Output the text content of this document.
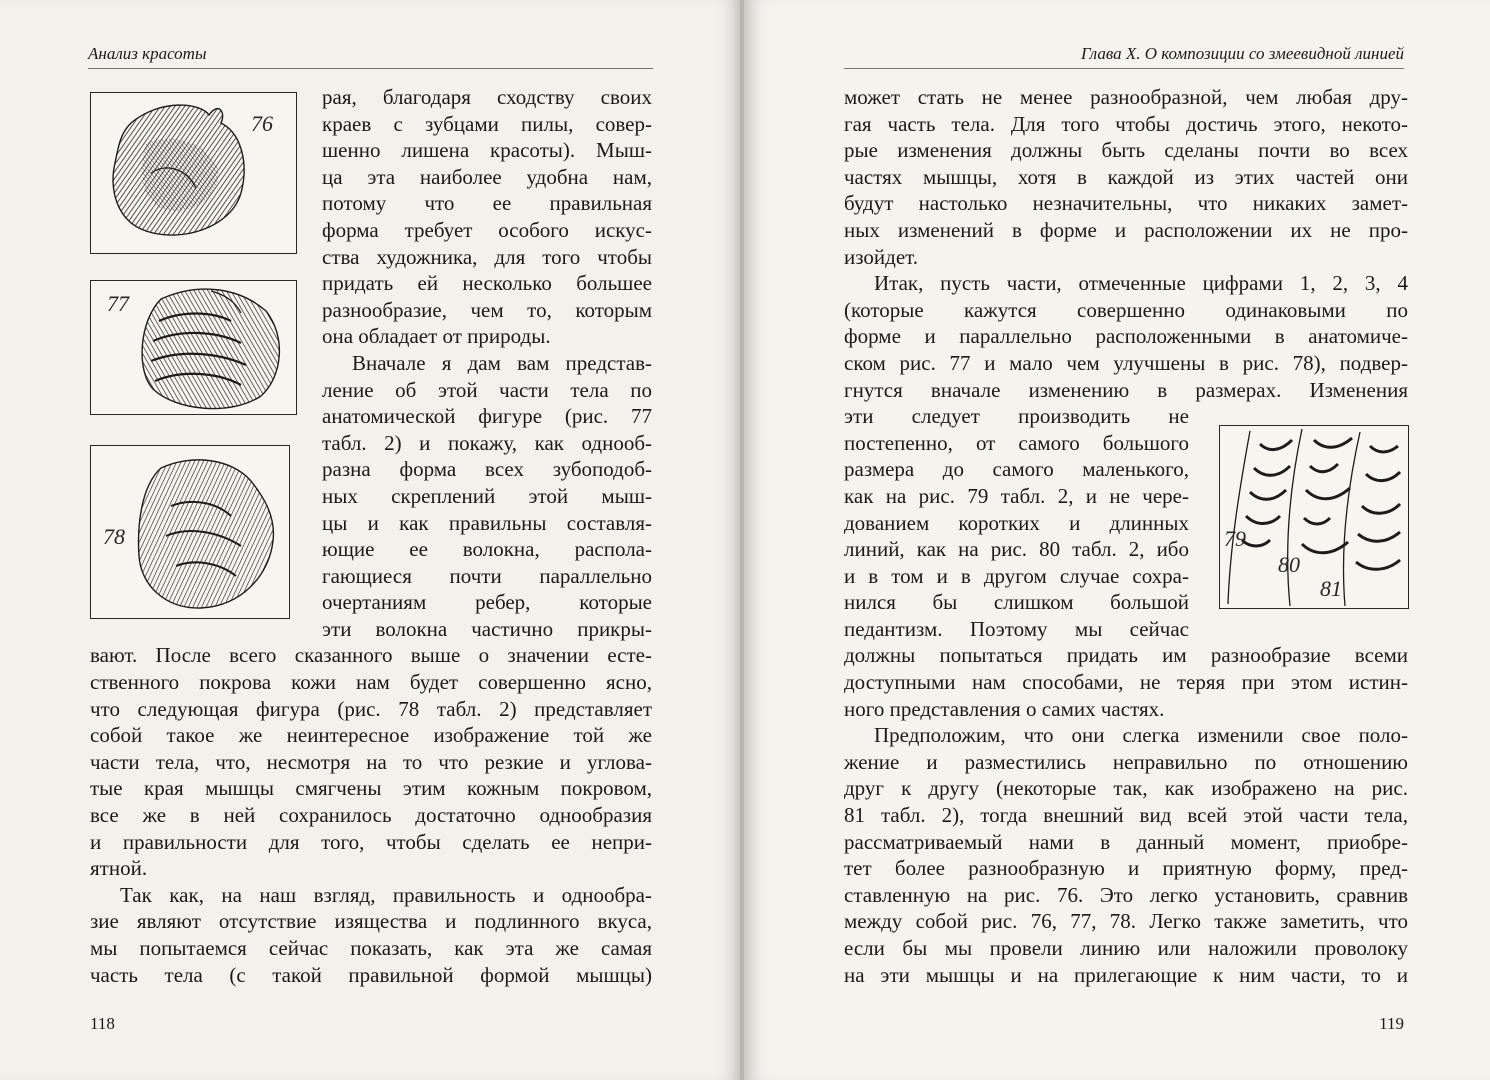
Анализ красоты
76
77
78
рая, благодаря сходству своих
краев с зубцами пилы, совер-
шенно лишена красоты). Мыш-
ца эта наиболее удобна нам,
потому что ее правильная
форма требует особого искус-
ства художника, для того чтобы
придать ей несколько большее
разнообразие, чем то, которым
она обладает от природы.
Вначале я дам вам представ-
ление об этой части тела по
анатомической фигуре (рис. 77
табл. 2) и покажу, как однооб-
разна форма всех зубоподоб-
ных скреплений этой мыш-
цы и как правильны составля-
ющие ее волокна, распола-
гающиеся почти параллельно
очертаниям ребер, которые
эти волокна частично прикры-
вают. После всего сказанного выше о значении есте-
ственного покрова кожи нам будет совершенно ясно,
что следующая фигура (рис. 78 табл. 2) представляет
собой такое же неинтересное изображение той же
части тела, что, несмотря на то что резкие и углова-
тые края мышцы смягчены этим кожным покровом,
все же в ней сохранилось достаточно однообразия
и правильности для того, чтобы сделать ее непри-
ятной.
Так как, на наш взгляд, правильность и однообра-
зие являют отсутствие изящества и подлинного вкуса,
мы попытаемся сейчас показать, как эта же самая
часть тела (с такой правильной формой мышцы)
118
Глава X. О композиции со змеевидной линией
79
80
81
может стать не менее разнообразной, чем любая дру-
гая часть тела. Для того чтобы достичь этого, некото-
рые изменения должны быть сделаны почти во всех
частях мышцы, хотя в каждой из этих частей они
будут настолько незначительны, что никаких замет-
ных изменений в форме и расположении их не про-
изойдет.
Итак, пусть части, отмеченные цифрами 1, 2, 3, 4
(которые кажутся совершенно одинаковыми по
форме и параллельно расположенными в анатомиче-
ском рис. 77 и мало чем улучшены в рис. 78), подвер-
гнутся вначале изменению в размерах. Изменения
эти следует производить не
постепенно, от самого большого
размера до самого маленького,
как на рис. 79 табл. 2, и не чере-
дованием коротких и длинных
линий, как на рис. 80 табл. 2, ибо
и в том и в другом случае сохра-
нился бы слишком большой
педантизм. Поэтому мы сейчас
должны попытаться придать им разнообразие всеми
доступными нам способами, не теряя при этом истин-
ного представления о самих частях.
Предположим, что они слегка изменили свое поло-
жение и разместились неправильно по отношению
друг к другу (некоторые так, как изображено на рис.
81 табл. 2), тогда внешний вид всей этой части тела,
рассматриваемый нами в данный момент, приобре-
тет более разнообразную и приятную форму, пред-
ставленную на рис. 76. Это легко установить, сравнив
между собой рис. 76, 77, 78. Легко также заметить, что
если бы мы провели линию или наложили проволоку
на эти мышцы и на прилегающие к ним части, то и
119
